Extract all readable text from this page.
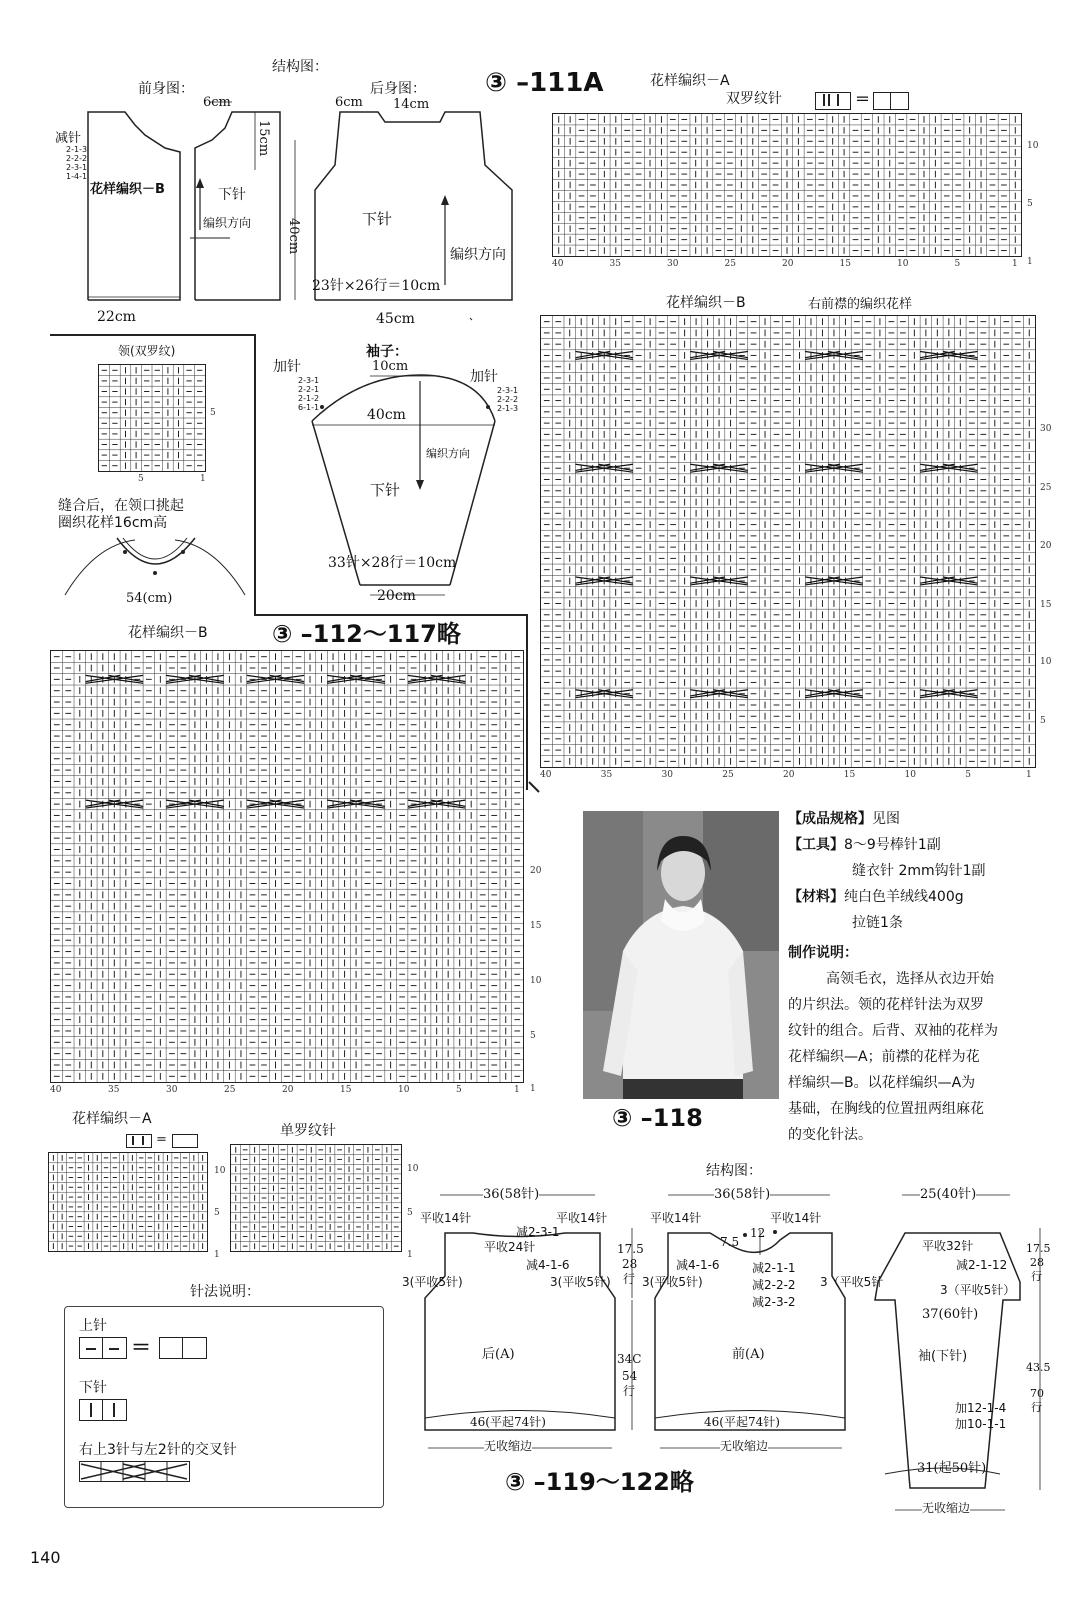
结构图：
③ –111A
前身图：	后身图：
减针
2-1-3
2-2-2
2-3-1
1-4-1
花样编织－B	下针
编织方向
6cm
15cm
40cm
6cm 14cm
下针
编织方向
23针×26行＝10cm
22cm	45cm
领(双罗纹)
5
5	1
缝合后，在领口挑起
圈织花样16cm高
54(cm)
袖子：
10cm
加针
加针
2-3-1
2-2-1
2-1-2
6-1-1
2-3-1
2-2-2
2-1-3
40cm
编织方向
下针
33针×28行＝10cm
20cm
③ –112～117略
花样编织－B
花样编织－A
双罗纹针	＝
10
5
1
花样编织－B	右前襟的编织花样
30
25
20
15
10
5
20
15
10
5
1
③ –118
【成品规格】见图
【工具】8～9号棒针1副
缝衣针 2mm钩针1副
【材料】纯白色羊绒线400g
拉链1条
制作说明：
高领毛衣，选择从衣边开始
的片织法。领的花样针法为双罗
纹针的组合。后背、双袖的花样为
花样编织—A；前襟的花样为花
样编织—B。以花样编织—A为
基础，在胸线的位置扭两组麻花
的变化针法。
花样编织－A
＝
10
5
1
单罗纹针
10
5
1
针法说明：
上针
＝
下针
右上3针与左2针的交叉针
140
结构图：
36(58针)	36(58针)	25(40针)
平收14针	平收14针
减2-3-1
平收24针
减4-1-6
3(平收5针)	3(平收5针)
17.5
28
行
34C
54
行
后(A)
46(平起74针)
无收缩边
平收14针	平收14针
12
7.5
减4-1-6	减2-1-1
减2-2-2
减2-3-2
3(平收5针)	3（平收5针
前(A)
46(平起74针)
无收缩边
平收32针
减2-1-12
3（平收5针）
37(60针)
袖(下针)
加12-1-4
加10-1-1
31(起50针)
无收缩边
17.5
28
行
43.5
70
行
③ –119～122略
40	35	30	25	20	15	10	5	1
40	35	30	25	20	15	10	5	1
40	35	30	25	20	15	10	5	1
